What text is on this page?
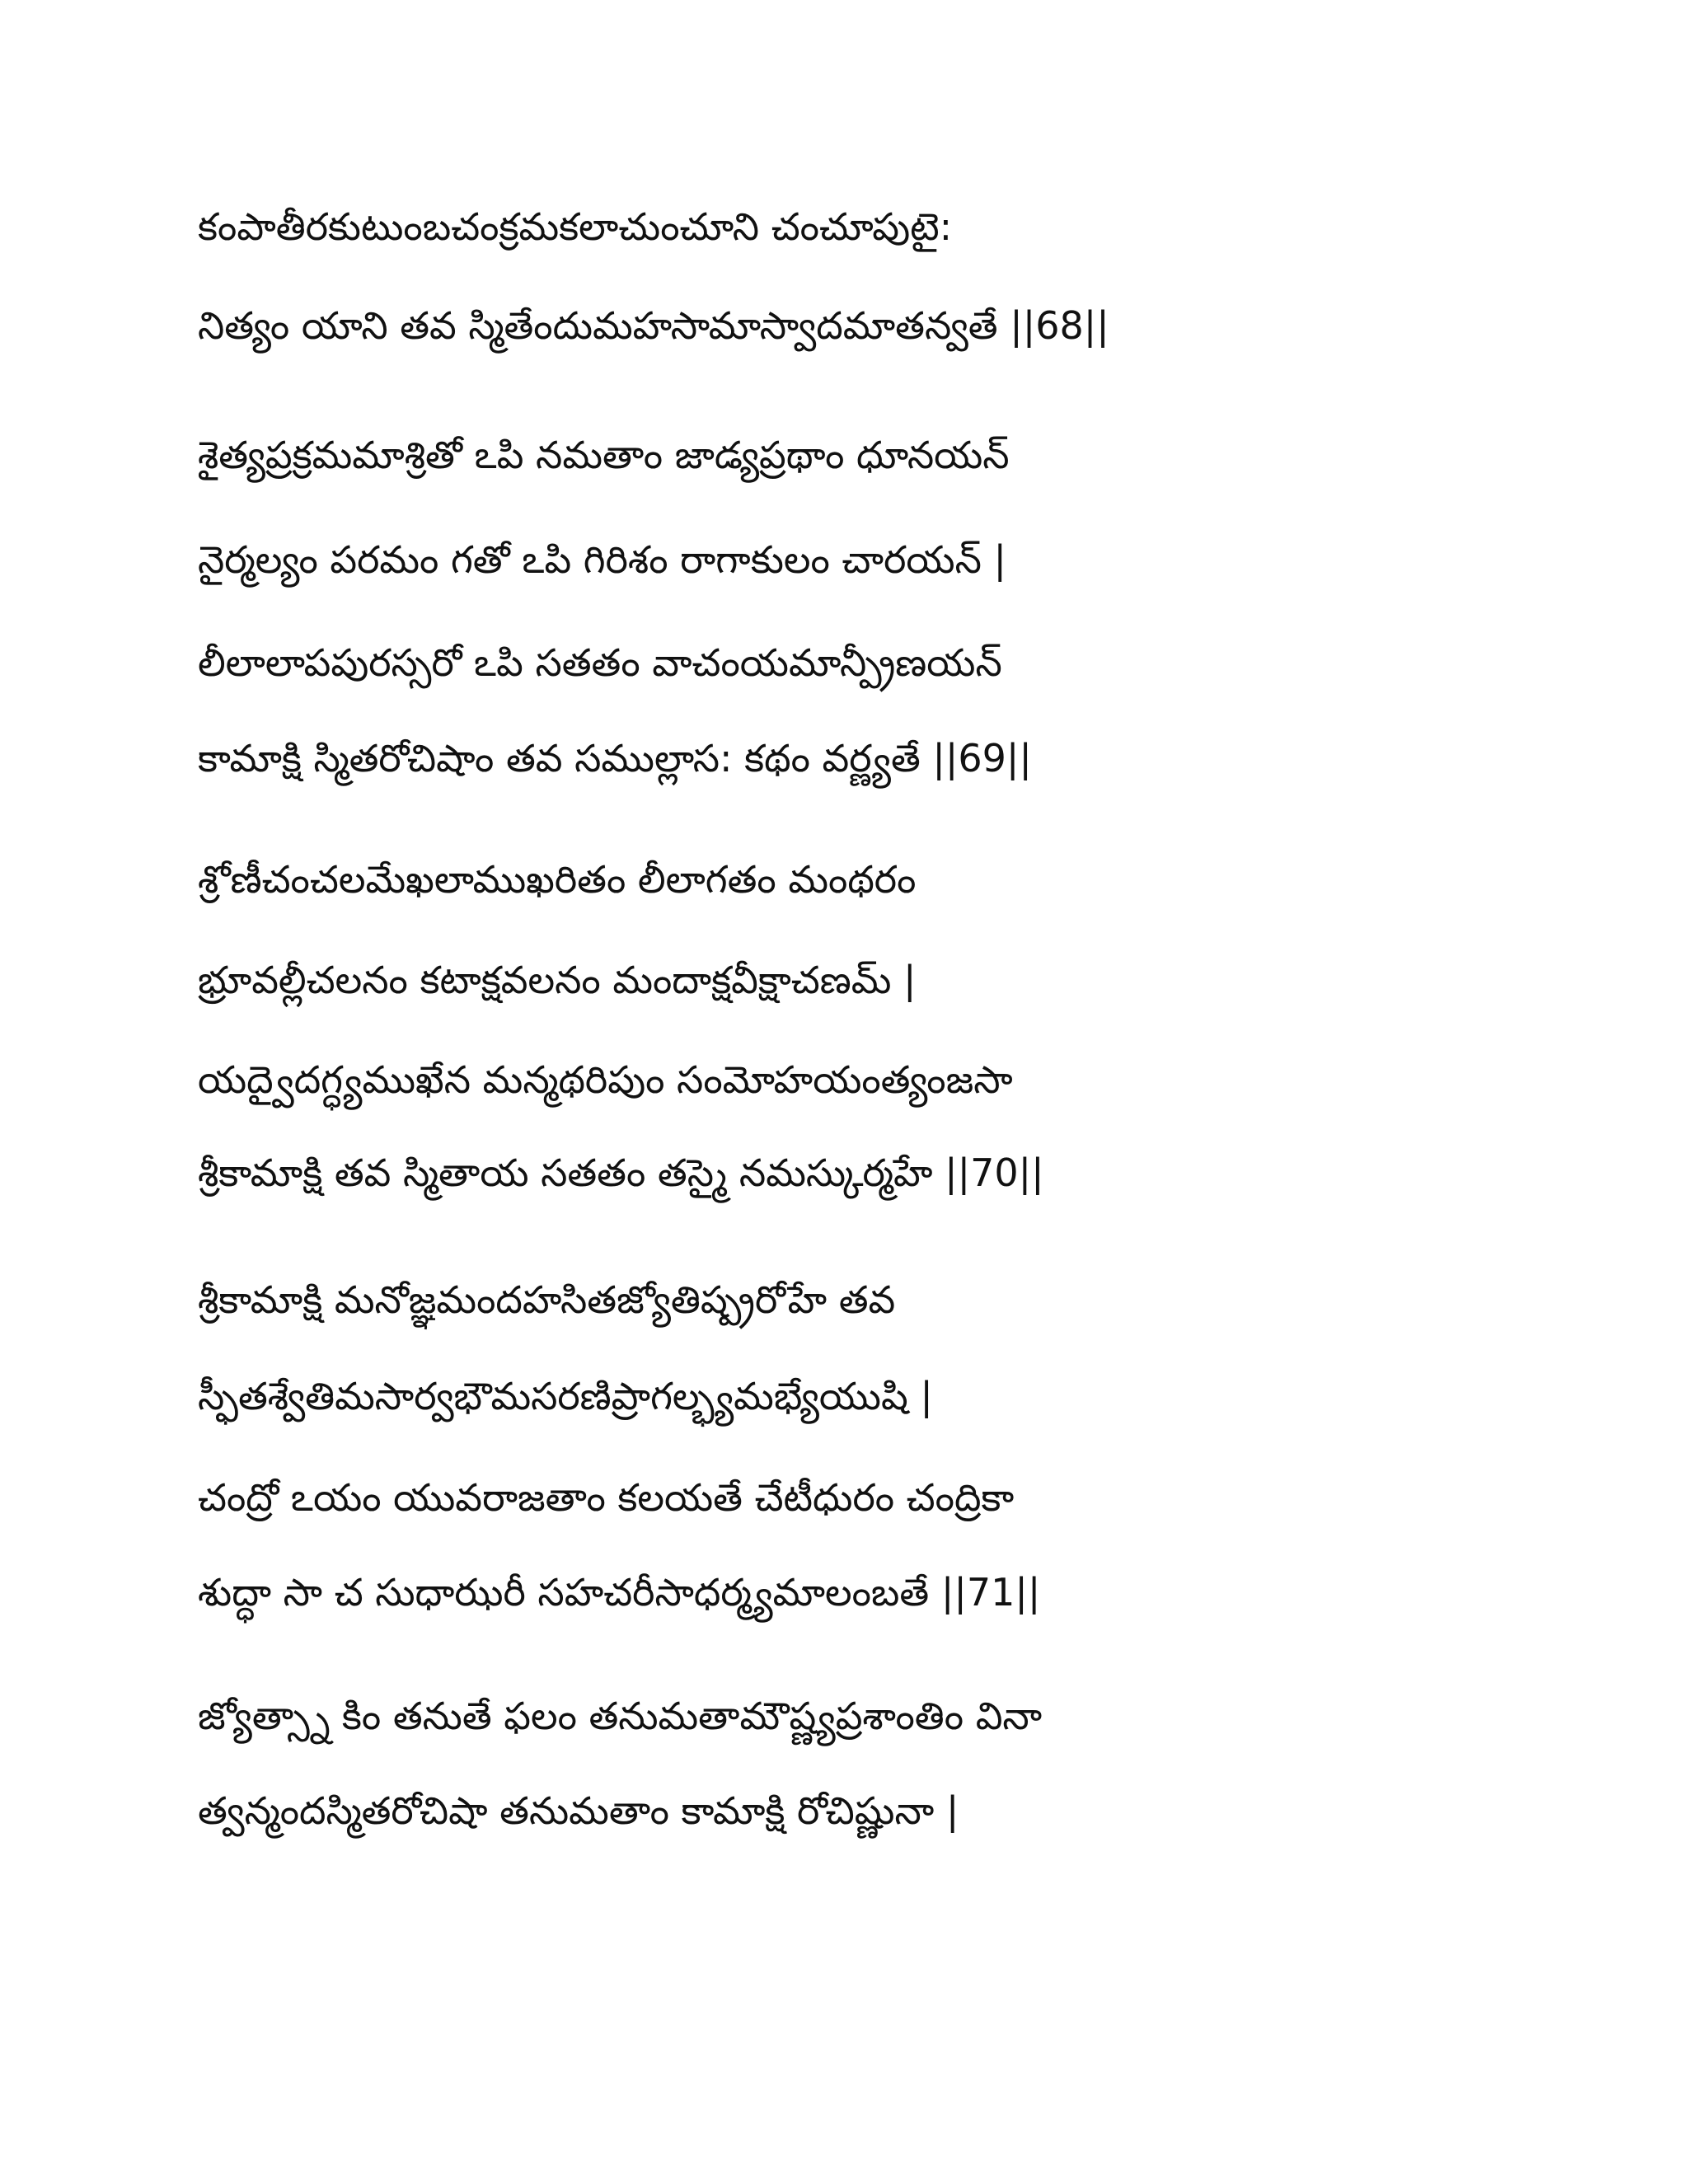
కంపాతీరకుటుంబచంక్రమకలాచుంచూని చంచూపుటై:
నిత్యం యాని తవ స్మితేందుమహసామాస్వాదమాతన్వతే ||68||
శైత్యప్రక్రమమాశ్రితో ఽపి నమతాం జాడ్యప్రథాం ధూనయన్
నైర్మల్యం పరమం గతో ఽపి గిరిశం రాగాకులం చారయన్ |
లీలాలాపపురస్సరో ఽపి సతతం వాచంయమాన్ప్రీణయన్
కామాక్షి స్మితరోచిషాం తవ సముల్లాస: కథం వర్ణ్యతే ||69||
శ్రోణీచంచలమేఖలాముఖరితం లీలాగతం మంథరం
భ్రూవల్లీచలనం కటాక్షవలనం మందాక్షవీక్షాచణమ్ |
యద్వైదగ్ధ్యముఖేన మన్మథరిపుం సంమోహయంత్యంజసా
శ్రీకామాక్షి తవ స్మితాయ సతతం తస్మై నమస్కుర్మహే ||70||
శ్రీకామాక్షి మనోజ్ఞమందహసితజ్యోతిష్ప్రరోహే తవ
స్ఫీతశ్వేతిమసార్వభౌమసరణిప్రాగల్భ్యమభ్యేయుషి |
చంద్రో ఽయం యువరాజతాం కలయతే చేటీధురం చంద్రికా
శుద్ధా సా చ సుధాఝరీ సహచరీసాధర్మ్యమాలంబతే ||71||
జ్యోత్స్నా కిం తనుతే ఫలం తనుమతామౌష్ణ్యప్రశాంతిం వినా
త్వన్మందస్మితరోచిషా తనుమతాం కామాక్షి రోచిష్ణునా |
